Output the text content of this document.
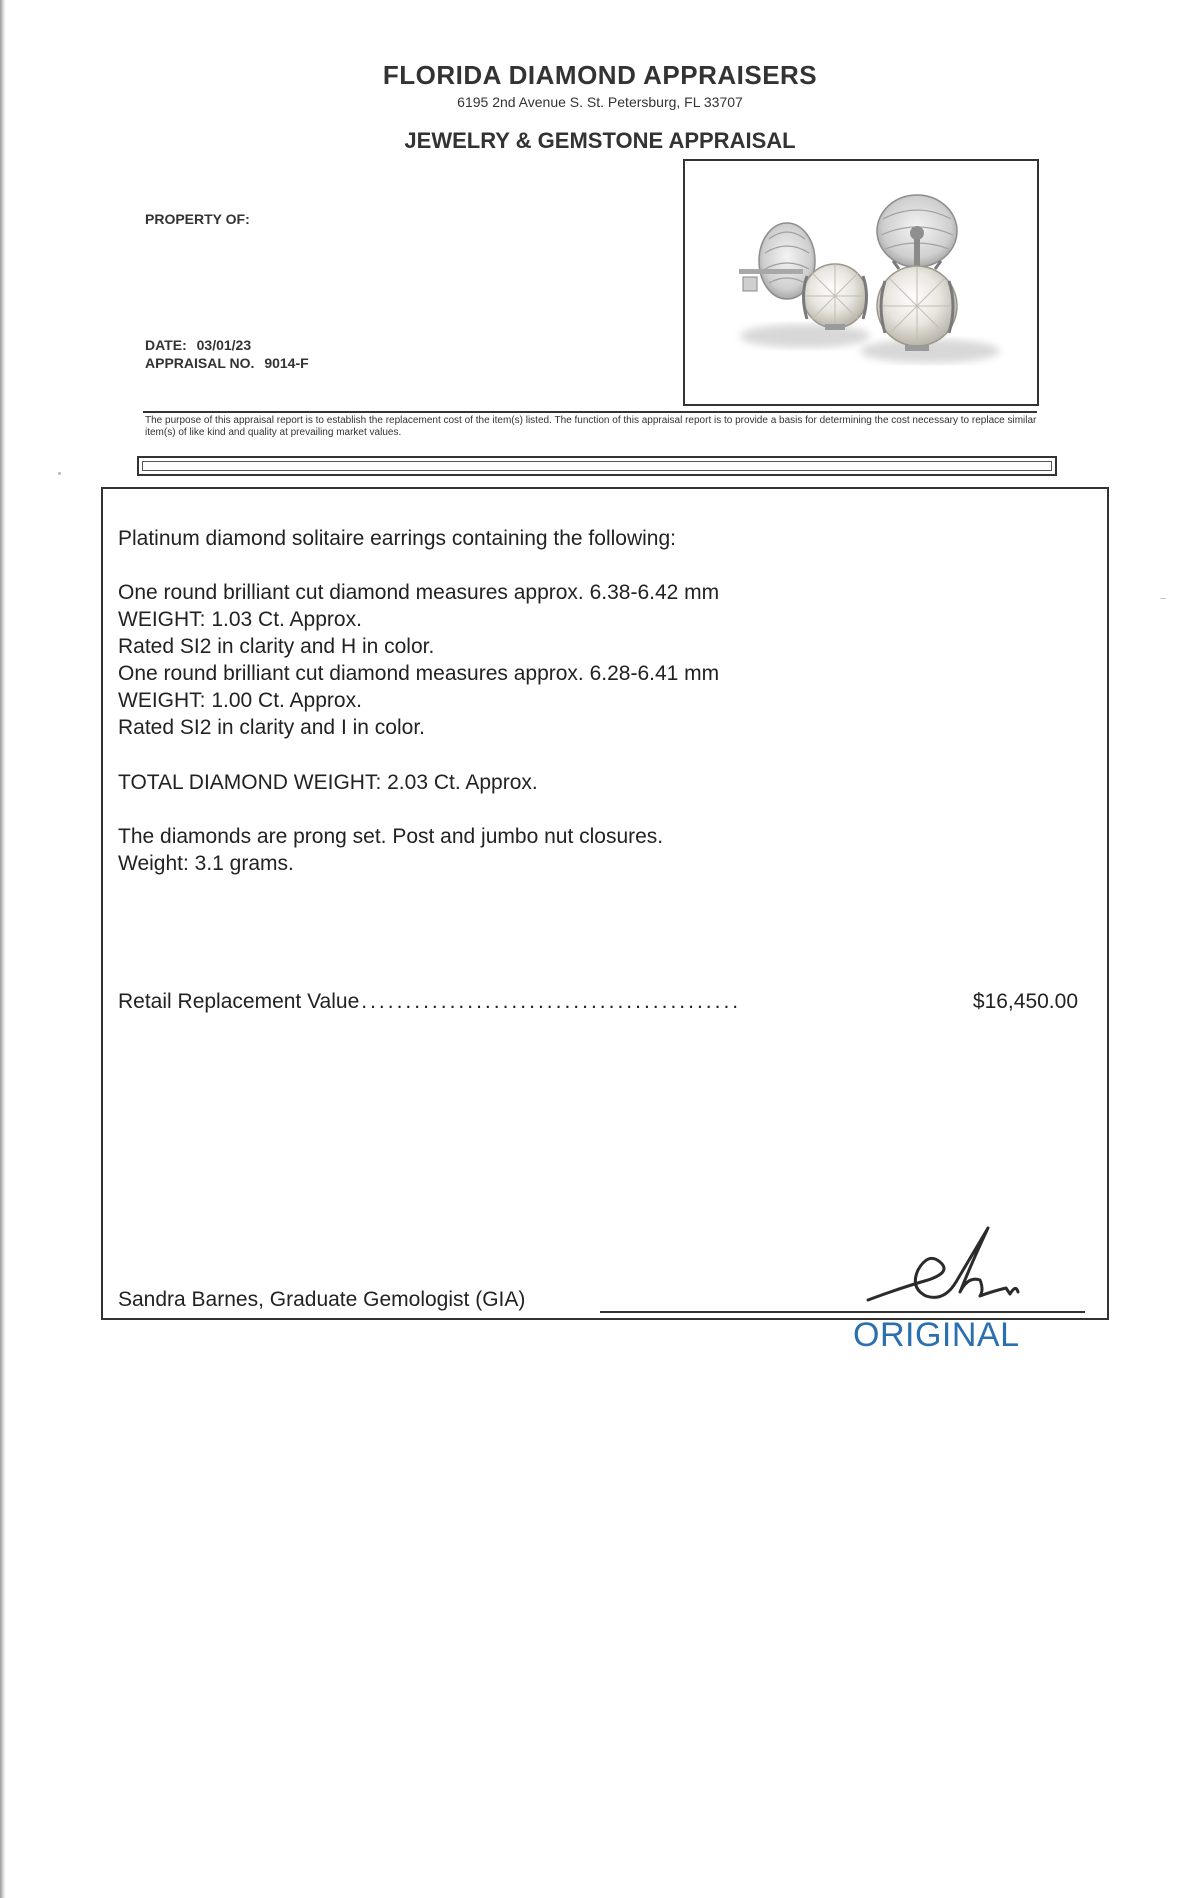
FLORIDA DIAMOND APPRAISERS
6195 2nd Avenue S. St. Petersburg, FL 33707
JEWELRY & GEMSTONE APPRAISAL
PROPERTY OF:
DATE: 03/01/23
APPRAISAL NO. 9014-F
The purpose of this appraisal report is to establish the replacement cost of the item(s) listed. The function of this appraisal report is to provide a basis for determining the cost necessary to replace similar item(s) of like kind and quality at prevailing market values.
Platinum diamond solitaire earrings containing the following:
One round brilliant cut diamond measures approx. 6.38-6.42 mm
WEIGHT: 1.03 Ct. Approx.
Rated SI2 in clarity and H in color.
One round brilliant cut diamond measures approx. 6.28-6.41 mm
WEIGHT: 1.00 Ct. Approx.
Rated SI2 in clarity and I in color.
TOTAL DIAMOND WEIGHT: 2.03 Ct. Approx.
The diamonds are prong set. Post and jumbo nut closures.
Weight: 3.1 grams.
Retail Replacement Value ...........................................	$16,450.00
Sandra Barnes, Graduate Gemologist (GIA)
ORIGINAL
